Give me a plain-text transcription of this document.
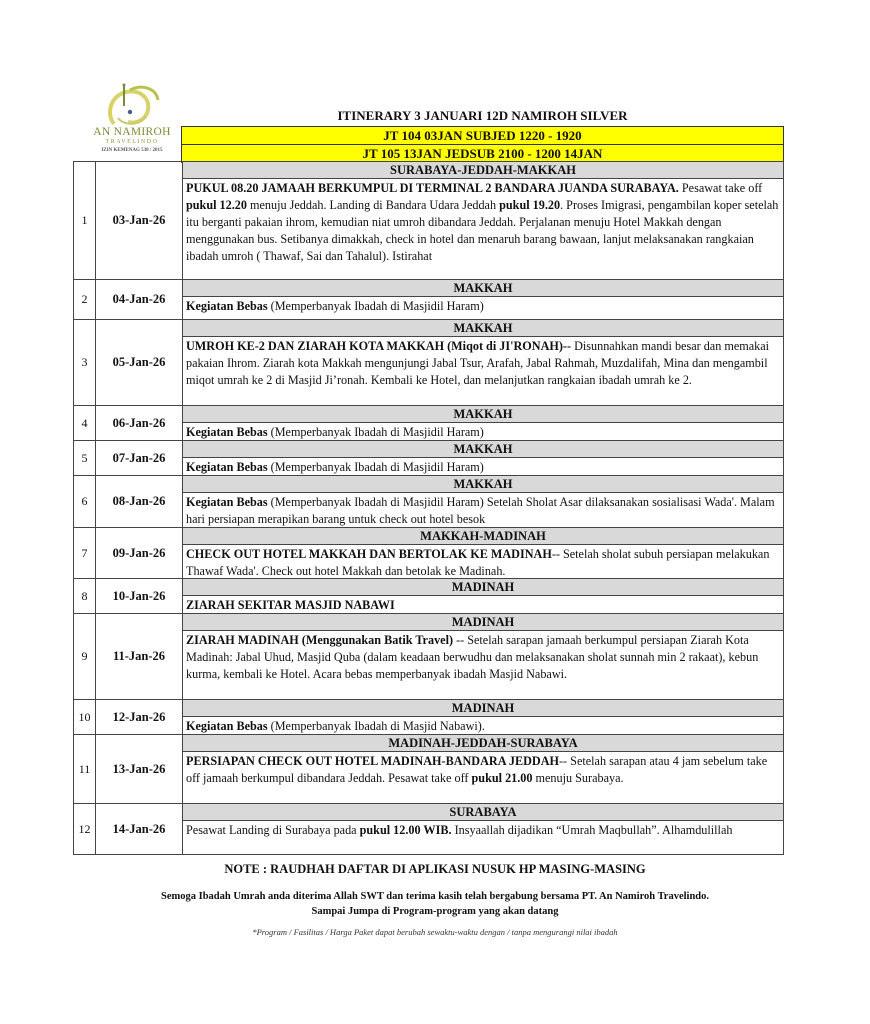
AN NAMIROH
TRAVELINDO
IZIN KEMENAG 530 / 2015
ITINERARY 3 JANUARI 12D NAMIROH SILVER
JT 104 03JAN SUBJED 1220 - 1920
JT 105 13JAN JEDSUB 2100 - 1200 14JAN
1	03-Jan-26
SURABAYA-JEDDAH-MAKKAH
PUKUL 08.20 JAMAAH BERKUMPUL DI TERMINAL 2 BANDARA JUANDA SURABAYA. Pesawat take off pukul 12.20 menuju Jeddah. Landing di Bandara Udara Jeddah pukul 19.20. Proses Imigrasi, pengambilan koper setelah itu berganti pakaian ihrom, kemudian niat umroh dibandara Jeddah. Perjalanan menuju Hotel Makkah dengan menggunakan bus. Setibanya dimakkah, check in hotel dan menaruh barang bawaan, lanjut melaksanakan rangkaian ibadah umroh ( Thawaf, Sai dan Tahalul). Istirahat
2	04-Jan-26
MAKKAH
Kegiatan Bebas (Memperbanyak Ibadah di Masjidil Haram)
3	05-Jan-26
MAKKAH
UMROH KE-2 DAN ZIARAH KOTA MAKKAH (Miqot di JI'RONAH)-- Disunnahkan mandi besar dan memakai pakaian Ihrom. Ziarah kota Makkah mengunjungi Jabal Tsur, Arafah, Jabal Rahmah, Muzdalifah, Mina dan mengambil miqot umrah ke 2 di Masjid Ji’ronah. Kembali ke Hotel, dan melanjutkan rangkaian ibadah umrah ke 2.
4	06-Jan-26
MAKKAH
Kegiatan Bebas (Memperbanyak Ibadah di Masjidil Haram)
5	07-Jan-26
MAKKAH
Kegiatan Bebas (Memperbanyak Ibadah di Masjidil Haram)
6	08-Jan-26
MAKKAH
Kegiatan Bebas (Memperbanyak Ibadah di Masjidil Haram) Setelah Sholat Asar dilaksanakan sosialisasi Wada'. Malam hari persiapan merapikan barang untuk check out hotel besok
7	09-Jan-26
MAKKAH-MADINAH
CHECK OUT HOTEL MAKKAH DAN BERTOLAK KE MADINAH-- Setelah sholat subuh persiapan melakukan Thawaf Wada'. Check out hotel Makkah dan betolak ke Madinah.
8	10-Jan-26
MADINAH
ZIARAH SEKITAR MASJID NABAWI
9	11-Jan-26
MADINAH
ZIARAH MADINAH (Menggunakan Batik Travel) -- Setelah sarapan jamaah berkumpul persiapan Ziarah Kota Madinah: Jabal Uhud, Masjid Quba (dalam keadaan berwudhu dan melaksanakan sholat sunnah min 2 rakaat), kebun kurma, kembali ke Hotel. Acara bebas memperbanyak ibadah Masjid Nabawi.
10	12-Jan-26
MADINAH
Kegiatan Bebas (Memperbanyak Ibadah di Masjid Nabawi).
11	13-Jan-26
MADINAH-JEDDAH-SURABAYA
PERSIAPAN CHECK OUT HOTEL MADINAH-BANDARA JEDDAH-- Setelah sarapan atau 4 jam sebelum take off jamaah berkumpul dibandara Jeddah. Pesawat take off pukul 21.00 menuju Surabaya.
12	14-Jan-26
SURABAYA
Pesawat Landing di Surabaya pada pukul 12.00 WIB. Insyaallah dijadikan “Umrah Maqbullah”. Alhamdulillah
NOTE : RAUDHAH DAFTAR DI APLIKASI NUSUK HP MASING-MASING
Semoga Ibadah Umrah anda diterima Allah SWT dan terima kasih telah bergabung bersama PT. An Namiroh Travelindo.
Sampai Jumpa di Program-program yang akan datang
*Program / Fasilitas / Harga Paket dapat berubah sewaktu-waktu dengan / tanpa mengurangi nilai ibadah
